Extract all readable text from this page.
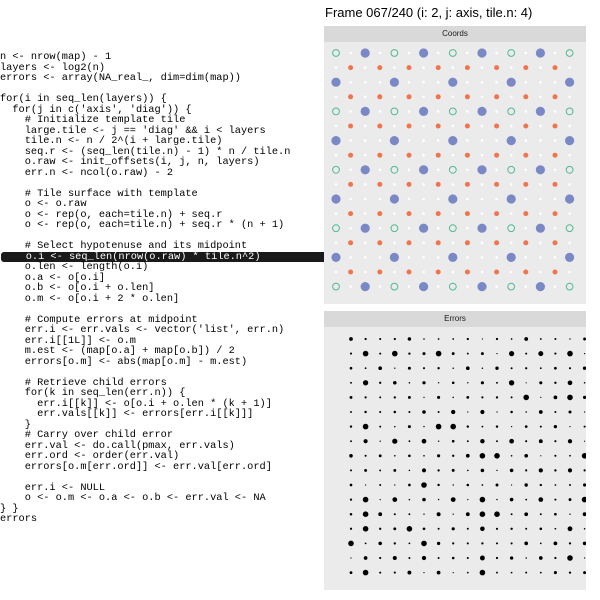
n <- nrow(map) - 1
layers <- log2(n)
errors <- array(NA_real_, dim=dim(map))

for(i in seq_len(layers)) {
for(j in c('axis', 'diag')) {
# Initialize template tile
large.tile <- j == 'diag' && i < layers
tile.n <- n / 2^(i + large.tile)
seq.r <- (seq_len(tile.n) - 1) * n / tile.n
o.raw <- init_offsets(i, j, n, layers)
err.n <- ncol(o.raw) - 2

# Tile surface with template
o <- o.raw
o <- rep(o, each=tile.n) + seq.r
o <- rep(o, each=tile.n) + seq.r * (n + 1)

# Select hypotenuse and its midpoint
o.i <- seq_len(nrow(o.raw) * tile.n^2)
o.len <- length(o.i)
o.a <- o[o.i]
o.b <- o[o.i + o.len]
o.m <- o[o.i + 2 * o.len]

# Compute errors at midpoint
err.i <- err.vals <- vector('list', err.n)
err.i[[1L]] <- o.m
m.est <- (map[o.a] + map[o.b]) / 2
errors[o.m] <- abs(map[o.m] - m.est)

# Retrieve child errors
for(k in seq_len(err.n)) {
err.i[[k]] <- o[o.i + o.len * (k + 1)]
err.vals[[k]] <- errors[err.i[[k]]]
}
# Carry over child error
err.val <- do.call(pmax, err.vals)
err.ord <- order(err.val)
errors[o.m[err.ord]] <- err.val[err.ord]

err.i <- NULL
o <- o.m <- o.a <- o.b <- err.val <- NA
} }
errors
Frame 067/240 (i: 2, j: axis, tile.n: 4)
Coords
Errors
